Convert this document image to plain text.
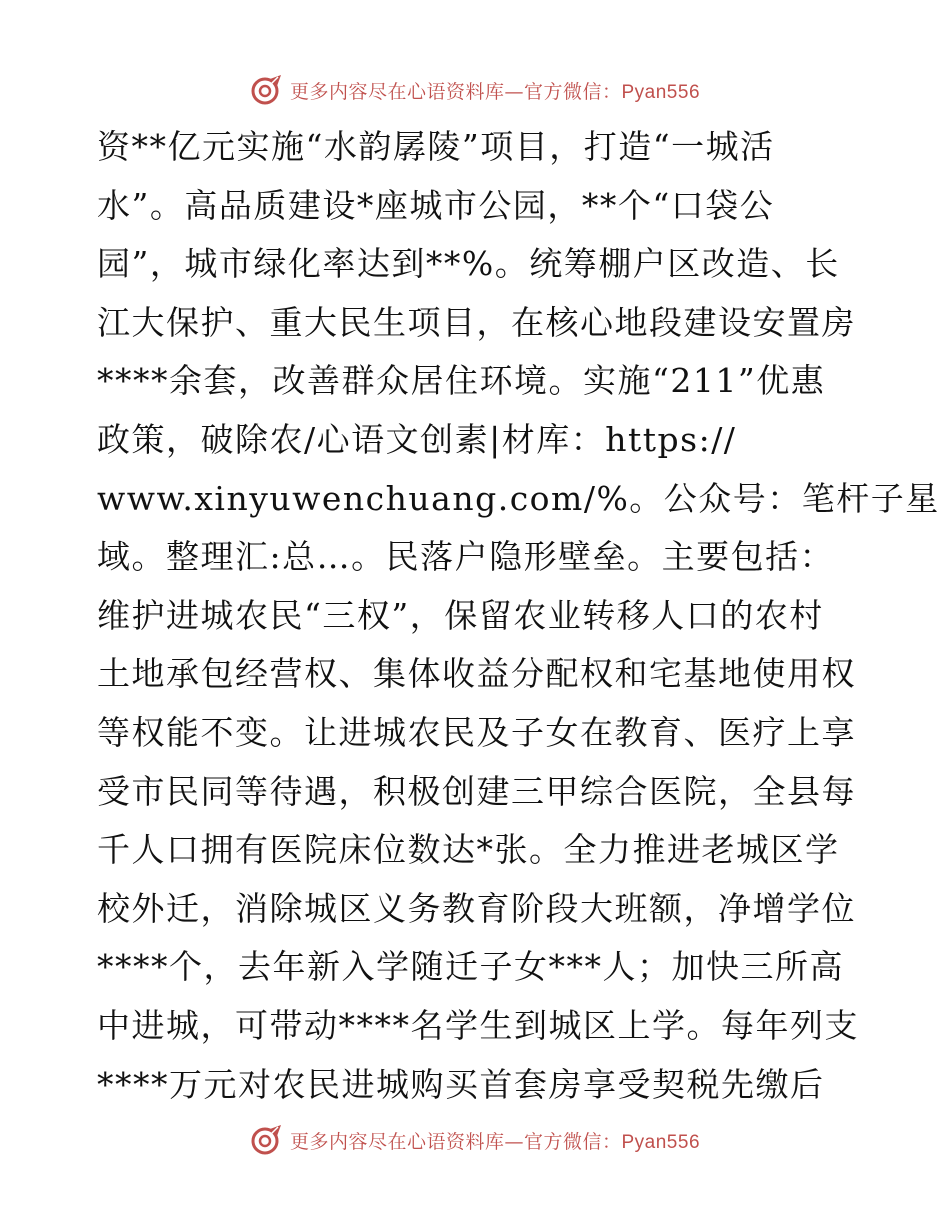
更多内容尽在心语资料库—官方微信：Pyan556
资**亿元实施“水韵孱陵”项目，打造“一城活
水”。高品质建设*座城市公园，**个“口袋公
园”，城市绿化率达到**%。统筹棚户区改造、长
江大保护、重大民生项目，在核心地段建设安置房
****余套，改善群众居住环境。实施“211”优惠
政策，破除农/心语文创素|材库：https://
www.xinyuwenchuang.com/%。公众号：笔杆子星
域。整理汇:总…。民落户隐形壁垒。主要包括：
维护进城农民“三权”，保留农业转移人口的农村
土地承包经营权、集体收益分配权和宅基地使用权
等权能不变。让进城农民及子女在教育、医疗上享
受市民同等待遇，积极创建三甲综合医院，全县每
千人口拥有医院床位数达*张。全力推进老城区学
校外迁，消除城区义务教育阶段大班额，净增学位
****个，去年新入学随迁子女***人；加快三所高
中进城，可带动****名学生到城区上学。每年列支
****万元对农民进城购买首套房享受契税先缴后
更多内容尽在心语资料库—官方微信：Pyan556
